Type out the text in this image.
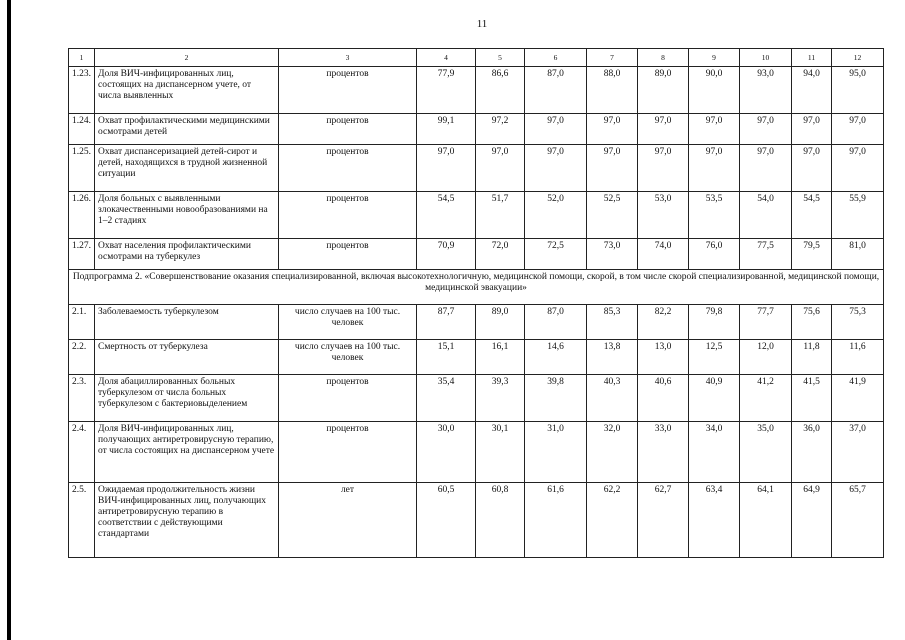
11
1	2	3	4	5	6	7	8	9	10	11	12
1.23.	Доля ВИЧ-инфицированных лиц, состоящих на диспансерном учете, от числа выявленных	процентов	77,9	86,6	87,0	88,0	89,0	90,0	93,0	94,0	95,0
1.24.	Охват профилактическими медицинскими осмотрами детей	процентов	99,1	97,2	97,0	97,0	97,0	97,0	97,0	97,0	97,0
1.25.	Охват диспансеризацией детей-сирот и детей, находящихся в трудной жизненной ситуации	процентов	97,0	97,0	97,0	97,0	97,0	97,0	97,0	97,0	97,0
1.26.	Доля больных с выявленными злокачественными новообразованиями на 1–2 стадиях	процентов	54,5	51,7	52,0	52,5	53,0	53,5	54,0	54,5	55,9
1.27.	Охват населения профилактическими осмотрами на туберкулез	процентов	70,9	72,0	72,5	73,0	74,0	76,0	77,5	79,5	81,0
Подпрограмма 2. «Совершенствование оказания специализированной, включая высокотехнологичную, медицинской помощи, скорой, в том числе скорой специализированной, медицинской помощи, медицинской эвакуации»											
2.1.	Заболеваемость туберкулезом	число случаев на 100 тыс. человек	87,7	89,0	87,0	85,3	82,2	79,8	77,7	75,6	75,3
2.2.	Смертность от туберкулеза	число случаев на 100 тыс. человек	15,1	16,1	14,6	13,8	13,0	12,5	12,0	11,8	11,6
2.3.	Доля абациллированных больных туберкулезом от числа больных туберкулезом с бактериовыделением	процентов	35,4	39,3	39,8	40,3	40,6	40,9	41,2	41,5	41,9
2.4.	Доля ВИЧ-инфицированных лиц, получающих антиретровирусную терапию, от числа состоящих на диспансерном учете	процентов	30,0	30,1	31,0	32,0	33,0	34,0	35,0	36,0	37,0
2.5.	Ожидаемая продолжительность жизни ВИЧ-инфицированных лиц, получающих антиретровирусную терапию в соответствии с действующими стандартами	лет	60,5	60,8	61,6	62,2	62,7	63,4	64,1	64,9	65,7
